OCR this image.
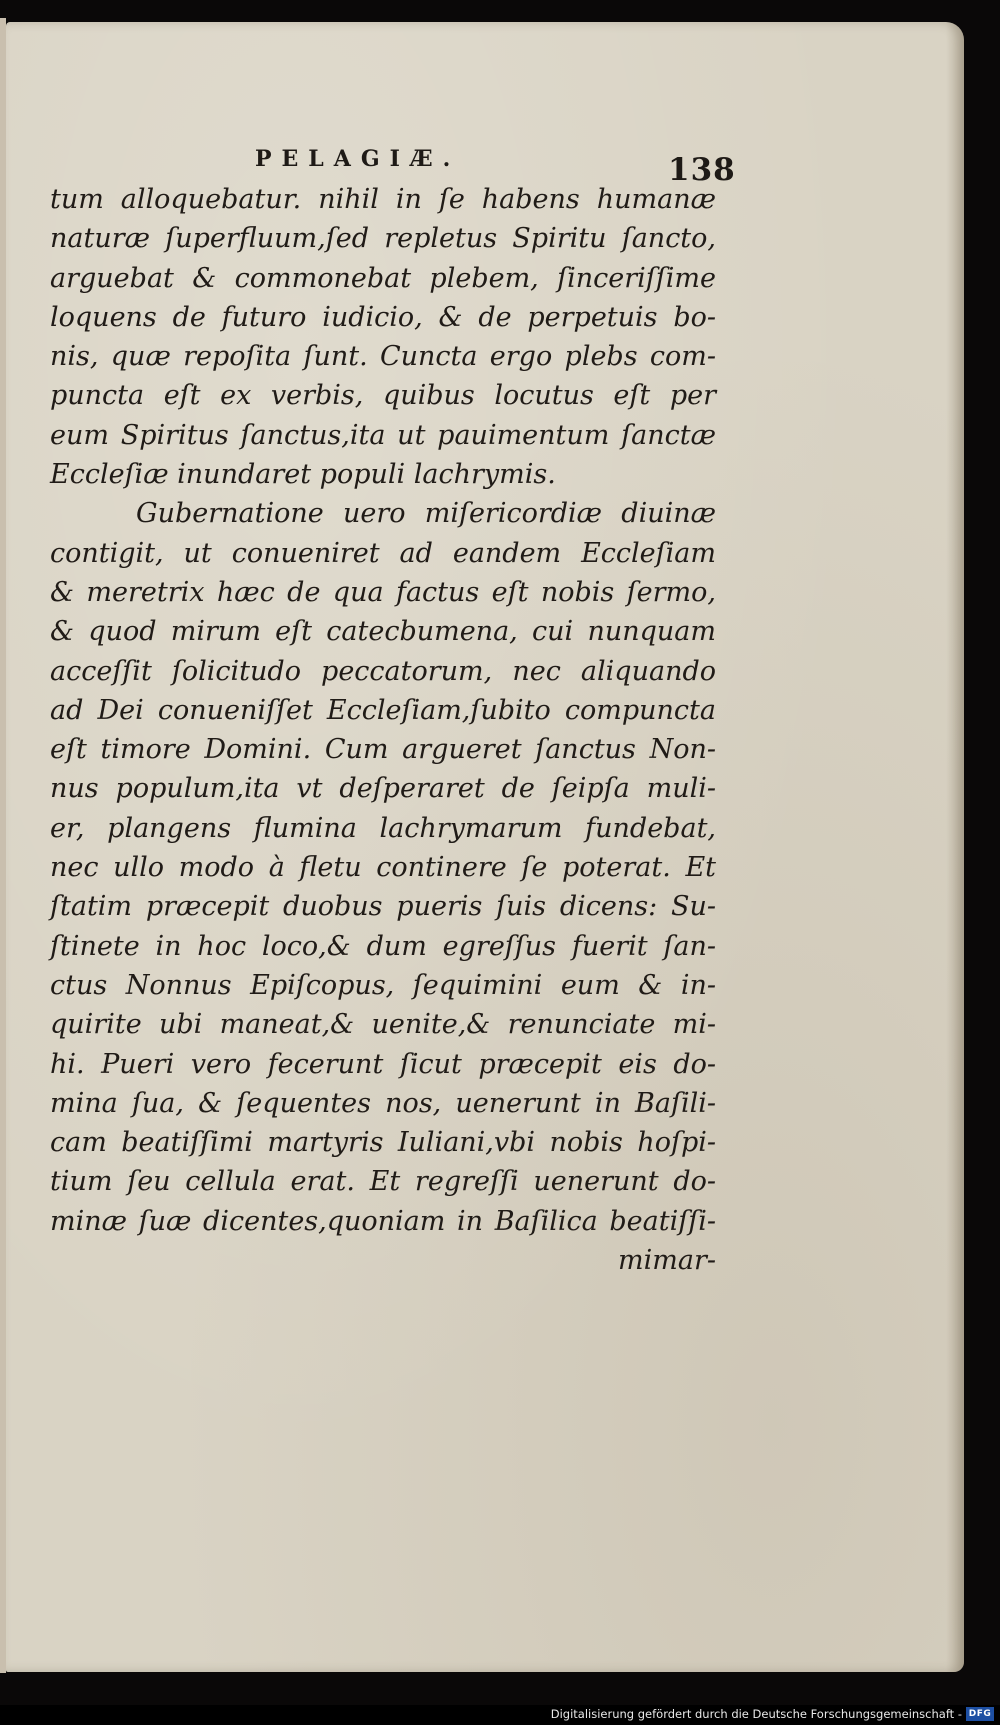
PELAGIÆ.	138
tum alloquebatur. nihil in ſe habens humanæ
naturæ ſuperfluum,ſed repletus Spiritu ſancto,
arguebat & commonebat plebem, ſinceriſſime
loquens de futuro iudicio, & de perpetuis bo-
nis, quæ repoſita ſunt. Cuncta ergo plebs com-
puncta eſt ex verbis, quibus locutus eſt per
eum Spiritus ſanctus,ita ut pauimentum ſanctæ
Eccleſiæ inundaret populi lachrymis.
Gubernatione uero miſericordiæ diuinæ
contigit, ut conueniret ad eandem Eccleſiam
& meretrix hæc de qua factus eſt nobis ſermo,
& quod mirum eſt catecbumena, cui nunquam
acceſſit ſolicitudo peccatorum, nec aliquando
ad Dei conueniſſet Eccleſiam,ſubito compuncta
eſt timore Domini. Cum argueret ſanctus Non-
nus populum,ita vt deſperaret de ſeipſa muli-
er, plangens flumina lachrymarum fundebat,
nec ullo modo à fletu continere ſe poterat. Et
ſtatim præcepit duobus pueris ſuis dicens: Su-
ſtinete in hoc loco,& dum egreſſus fuerit ſan-
ctus Nonnus Epiſcopus, ſequimini eum & in-
quirite ubi maneat,& uenite,& renunciate mi-
hi. Pueri vero fecerunt ſicut præcepit eis do-
mina ſua, & ſequentes nos, uenerunt in Baſili-
cam beatiſſimi martyris Iuliani,vbi nobis hoſpi-
tium ſeu cellula erat. Et regreſſi uenerunt do-
minæ ſuæ dicentes,quoniam in Baſilica beatiſſi-
mimar-
Digitalisierung gefördert durch die Deutsche Forschungsgemeinschaft - DFG
